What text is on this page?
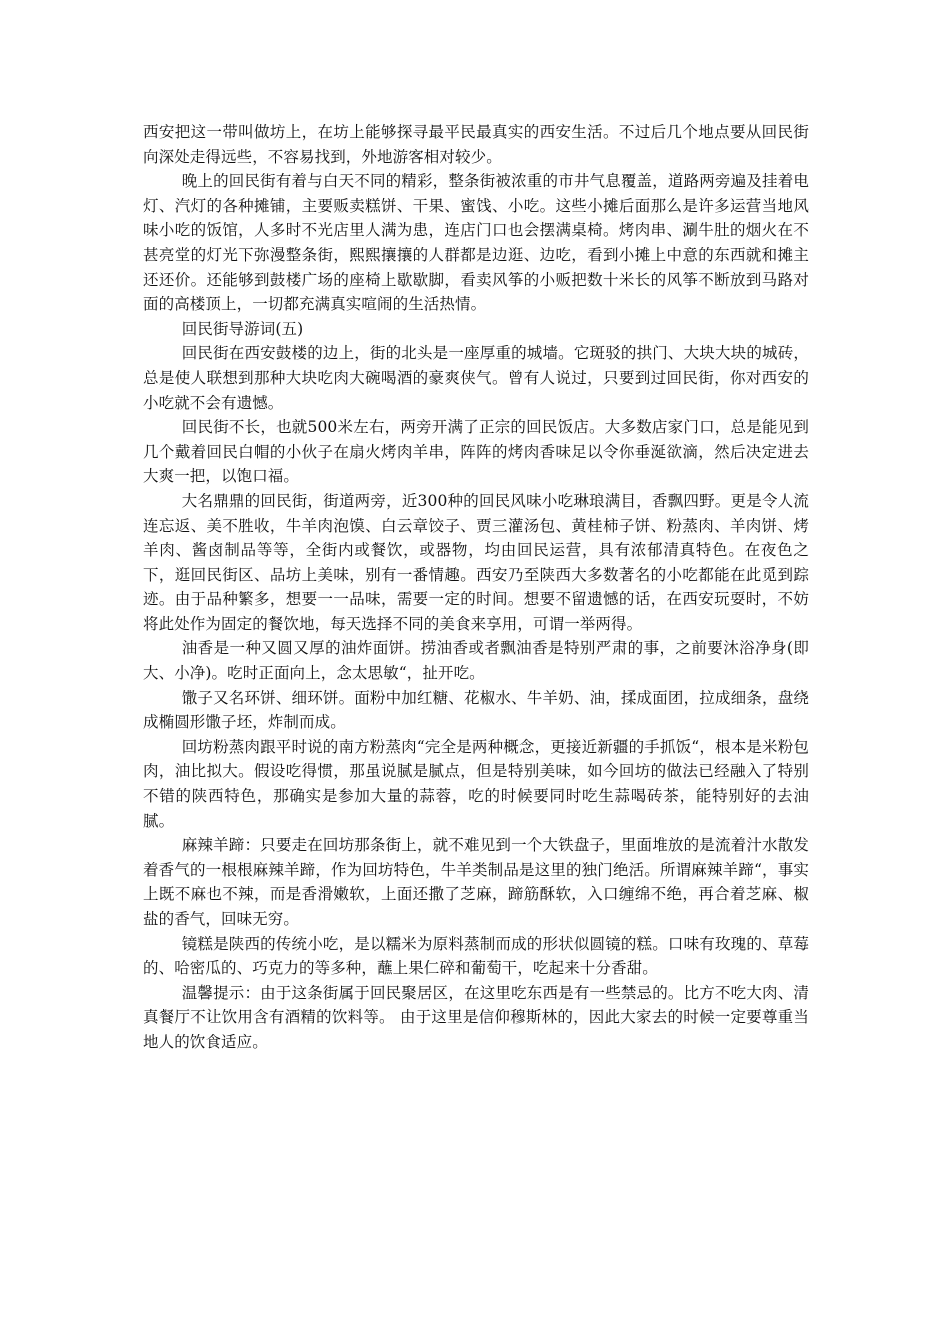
西安把这一带叫做坊上，在坊上能够探寻最平民最真实的西安生活。不过后几个地点要从回民街向深处走得远些，不容易找到，外地游客相对较少。

晚上的回民街有着与白天不同的精彩，整条街被浓重的市井气息覆盖，道路两旁遍及挂着电灯、汽灯的各种摊铺，主要贩卖糕饼、干果、蜜饯、小吃。这些小摊后面那么是许多运营当地风味小吃的饭馆，人多时不光店里人满为患，连店门口也会摆满桌椅。烤肉串、涮牛肚的烟火在不甚亮堂的灯光下弥漫整条街，熙熙攘攘的人群都是边逛、边吃，看到小摊上中意的东西就和摊主还还价。还能够到鼓楼广场的座椅上歇歇脚，看卖风筝的小贩把数十米长的风筝不断放到马路对面的高楼顶上，一切都充满真实喧闹的生活热情。

回民街导游词(五)

回民街在西安鼓楼的边上，街的北头是一座厚重的城墙。它斑驳的拱门、大块大块的城砖，总是使人联想到那种大块吃肉大碗喝酒的豪爽侠气。曾有人说过，只要到过回民街，你对西安的小吃就不会有遗憾。

回民街不长，也就500米左右，两旁开满了正宗的回民饭店。大多数店家门口，总是能见到几个戴着回民白帽的小伙子在扇火烤肉羊串，阵阵的烤肉香味足以令你垂涎欲滴，然后决定进去大爽一把，以饱口福。

大名鼎鼎的回民街，街道两旁，近300种的回民风味小吃琳琅满目，香飘四野。更是令人流连忘返、美不胜收，牛羊肉泡馍、白云章饺子、贾三灌汤包、黄桂柿子饼、粉蒸肉、羊肉饼、烤羊肉、酱卤制品等等，全街内或餐饮，或器物，均由回民运营，具有浓郁清真特色。在夜色之下，逛回民街区、品坊上美味，别有一番情趣。西安乃至陕西大多数著名的小吃都能在此觅到踪迹。由于品种繁多，想要一一品味，需要一定的时间。想要不留遗憾的话，在西安玩耍时，不妨将此处作为固定的餐饮地，每天选择不同的美食来享用，可谓一举两得。

油香是一种又圆又厚的油炸面饼。捞油香或者飘油香是特别严肃的事，之前要沐浴净身(即大、小净)。吃时正面向上，念太思敏“，扯开吃。

馓子又名环饼、细环饼。面粉中加红糖、花椒水、牛羊奶、油，揉成面团，拉成细条，盘绕成椭圆形馓子坯，炸制而成。

回坊粉蒸肉跟平时说的南方粉蒸肉“完全是两种概念，更接近新疆的手抓饭“，根本是米粉包肉，油比拟大。假设吃得惯，那虽说腻是腻点，但是特别美味，如今回坊的做法已经融入了特别不错的陕西特色，那确实是参加大量的蒜蓉，吃的时候要同时吃生蒜喝砖茶，能特别好的去油腻。

麻辣羊蹄：只要走在回坊那条街上，就不难见到一个大铁盘子，里面堆放的是流着汁水散发着香气的一根根麻辣羊蹄，作为回坊特色，牛羊类制品是这里的独门绝活。所谓麻辣羊蹄“，事实上既不麻也不辣，而是香滑嫩软，上面还撒了芝麻，蹄筋酥软，入口缠绵不绝，再合着芝麻、椒盐的香气，回味无穷。

镜糕是陕西的传统小吃，是以糯米为原料蒸制而成的形状似圆镜的糕。口味有玫瑰的、草莓的、哈密瓜的、巧克力的等多种，蘸上果仁碎和葡萄干，吃起来十分香甜。

温馨提示：由于这条街属于回民聚居区，在这里吃东西是有一些禁忌的。比方不吃大肉、清真餐厅不让饮用含有酒精的饮料等。 由于这里是信仰穆斯林的，因此大家去的时候一定要尊重当地人的饮食适应。
